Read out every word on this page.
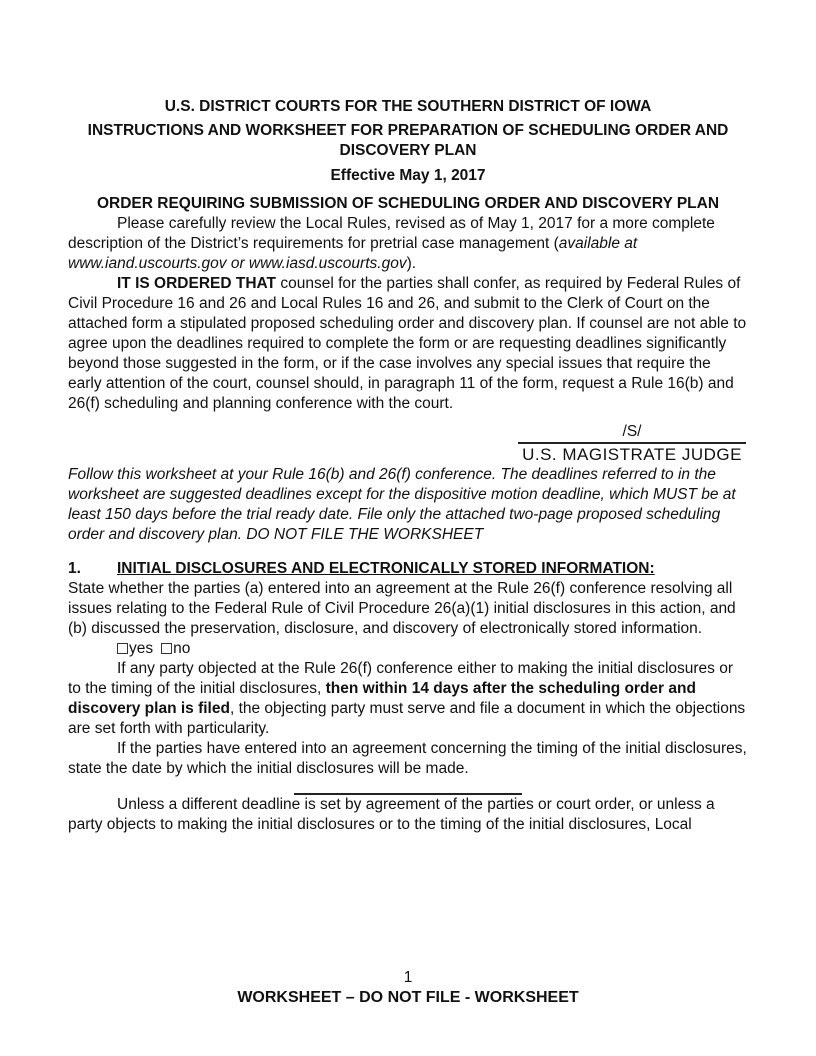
U.S. DISTRICT COURTS FOR THE SOUTHERN DISTRICT OF IOWA
INSTRUCTIONS AND WORKSHEET FOR PREPARATION OF SCHEDULING ORDER AND
DISCOVERY PLAN
Effective May 1, 2017
ORDER REQUIRING SUBMISSION OF SCHEDULING ORDER AND DISCOVERY PLAN

Please carefully review the Local Rules, revised as of May 1, 2017 for a more complete description of the District’s requirements for pretrial case management (available at www.iand.uscourts.gov or www.iasd.uscourts.gov).

IT IS ORDERED THAT counsel for the parties shall confer, as required by Federal Rules of Civil Procedure 16 and 26 and Local Rules 16 and 26, and submit to the Clerk of Court on the attached form a stipulated proposed scheduling order and discovery plan. If counsel are not able to agree upon the deadlines required to complete the form or are requesting deadlines significantly beyond those suggested in the form, or if the case involves any special issues that require the early attention of the court, counsel should, in paragraph 11 of the form, request a Rule 16(b) and 26(f) scheduling and planning conference with the court.

/S/
U.S. MAGISTRATE JUDGE

Follow this worksheet at your Rule 16(b) and 26(f) conference. The deadlines referred to in the worksheet are suggested deadlines except for the dispositive motion deadline, which MUST be at least 150 days before the trial ready date. File only the attached two-page proposed scheduling order and discovery plan. DO NOT FILE THE WORKSHEET

1. INITIAL DISCLOSURES AND ELECTRONICALLY STORED INFORMATION:

State whether the parties (a) entered into an agreement at the Rule 26(f) conference resolving all issues relating to the Federal Rule of Civil Procedure 26(a)(1) initial disclosures in this action, and (b) discussed the preservation, disclosure, and discovery of electronically stored information.

yes no

If any party objected at the Rule 26(f) conference either to making the initial disclosures or to the timing of the initial disclosures, then within 14 days after the scheduling order and discovery plan is filed, the objecting party must serve and file a document in which the objections are set forth with particularity.

If the parties have entered into an agreement concerning the timing of the initial disclosures, state the date by which the initial disclosures will be made.

Unless a different deadline is set by agreement of the parties or court order, or unless a party objects to making the initial disclosures or to the timing of the initial disclosures, Local

1

WORKSHEET – DO NOT FILE - WORKSHEET
